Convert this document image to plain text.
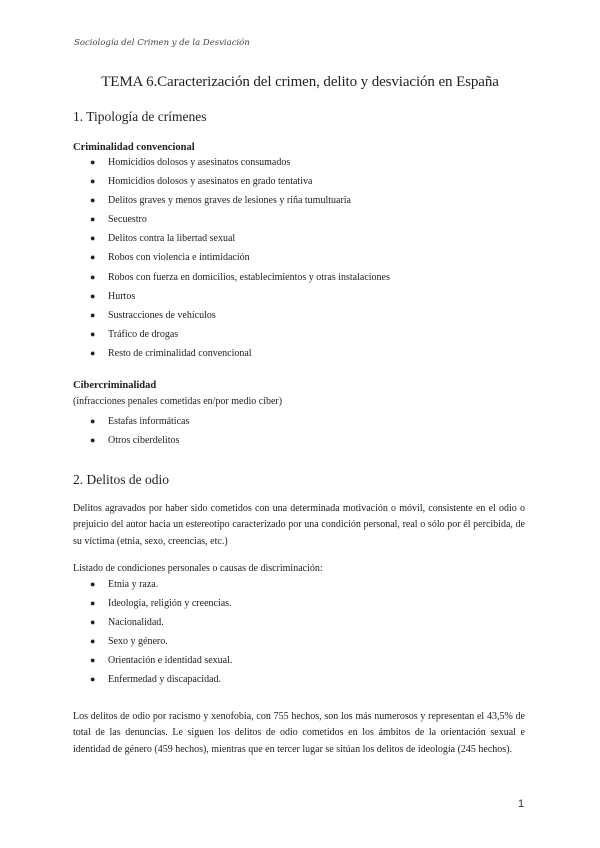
Sociología del Crimen y de la Desviación
TEMA 6.Caracterización del crimen, delito y desviación en España
1. Tipología de crímenes
Criminalidad convencional
● Homicidios dolosos y asesinatos consumados
● Homicidios dolosos y asesinatos en grado tentativa
● Delitos graves y menos graves de lesiones y riña tumultuaria
● Secuestro
● Delitos contra la libertad sexual
● Robos con violencia e intimidación
● Robos con fuerza en domicilios, establecimientos y otras instalaciones
● Hurtos
● Sustracciones de vehículos
● Tráfico de drogas
● Resto de criminalidad convencional
Cibercriminalidad
(infracciones penales cometidas en/por medio ciber)
● Estafas informáticas
● Otros ciberdelitos
2. Delitos de odio
Delitos agravados por haber sido cometidos con una determinada motivación o móvil, consistente en el odio o prejuicio del autor hacia un estereotipo caracterizado por una condición personal, real o sólo por él percibida, de su víctima (etnia, sexo, creencias, etc.)
Listado de condiciones personales o causas de discriminación:
● Etnia y raza.
● Ideología, religión y creencias.
● Nacionalidad.
● Sexo y género.
● Orientación e identidad sexual.
● Enfermedad y discapacidad.
Los delitos de odio por racismo y xenofobia, con 755 hechos, son los más numerosos y representan el 43,5% de total de las denuncias. Le siguen los delitos de odio cometidos en los ámbitos de la orientación sexual e identidad de género (459 hechos), mientras que en tercer lugar se sitúan los delitos de ideología (245 hechos).
1
